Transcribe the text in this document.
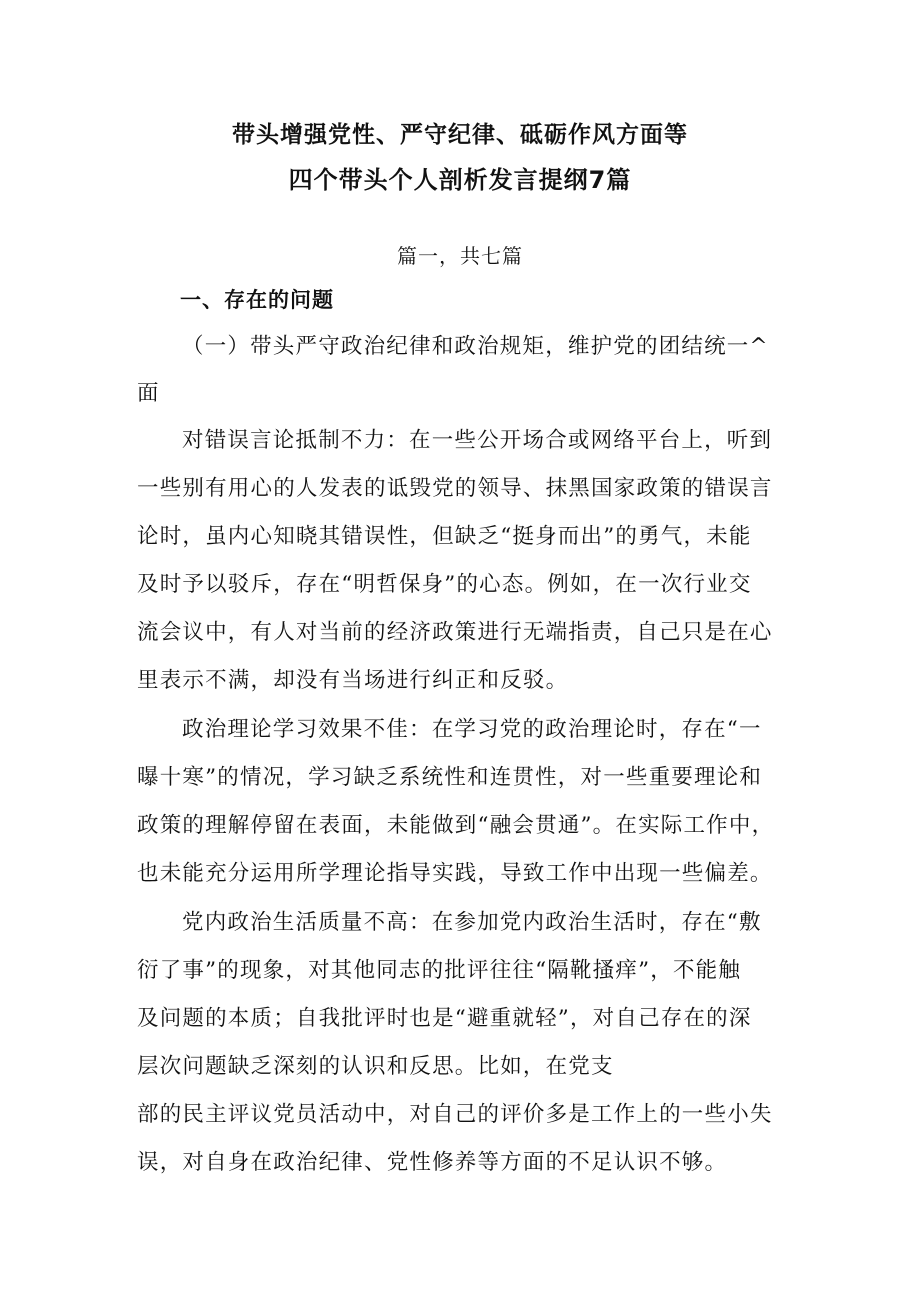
带头增强党性、严守纪律、砥砺作风方面等
四个带头个人剖析发言提纲7篇
篇一，共七篇
一、存在的问题
（一）带头严守政治纪律和政治规矩，维护党的团结统一^
面
对错误言论抵制不力：在一些公开场合或网络平台上，听到
一些别有用心的人发表的诋毁党的领导、抹黑国家政策的错误言
论时，虽内心知晓其错误性，但缺乏“挺身而出”的勇气，未能
及时予以驳斥，存在“明哲保身”的心态。例如，在一次行业交
流会议中，有人对当前的经济政策进行无端指责，自己只是在心
里表示不满，却没有当场进行纠正和反驳。
政治理论学习效果不佳：在学习党的政治理论时，存在“一
曝十寒”的情况，学习缺乏系统性和连贯性，对一些重要理论和
政策的理解停留在表面，未能做到“融会贯通”。在实际工作中，
也未能充分运用所学理论指导实践，导致工作中出现一些偏差。
党内政治生活质量不高：在参加党内政治生活时，存在“敷
衍了事”的现象，对其他同志的批评往往“隔靴搔痒”，不能触
及问题的本质；自我批评时也是“避重就轻”，对自己存在的深
层次问题缺乏深刻的认识和反思。比如，在党支
部的民主评议党员活动中，对自己的评价多是工作上的一些小失
误，对自身在政治纪律、党性修养等方面的不足认识不够。
